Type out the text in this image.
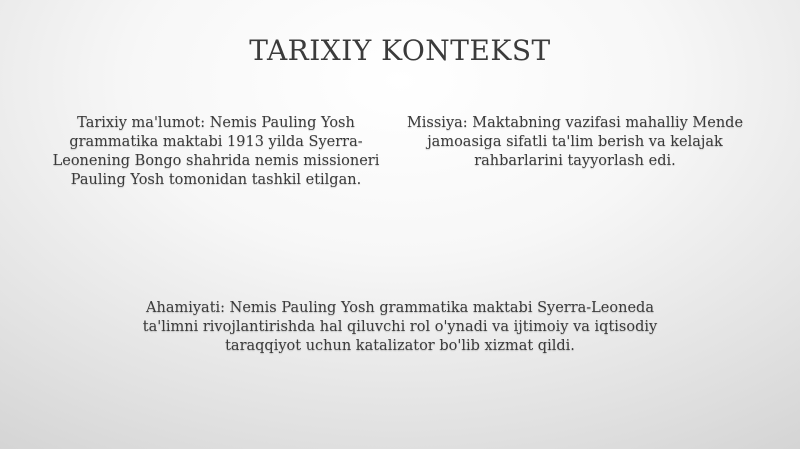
TARIXIY KONTEKST
Tarixiy ma'lumot: Nemis Pauling Yosh grammatika maktabi 1913 yilda Syerra-Leonening Bongo shahrida nemis missioneri Pauling Yosh tomonidan tashkil etilgan.
Missiya: Maktabning vazifasi mahalliy Mende jamoasiga sifatli ta'lim berish va kelajak rahbarlarini tayyorlash edi.
Ahamiyati: Nemis Pauling Yosh grammatika maktabi Syerra-Leoneda ta'limni rivojlantirishda hal qiluvchi rol o'ynadi va ijtimoiy va iqtisodiy taraqqiyot uchun katalizator bo'lib xizmat qildi.
